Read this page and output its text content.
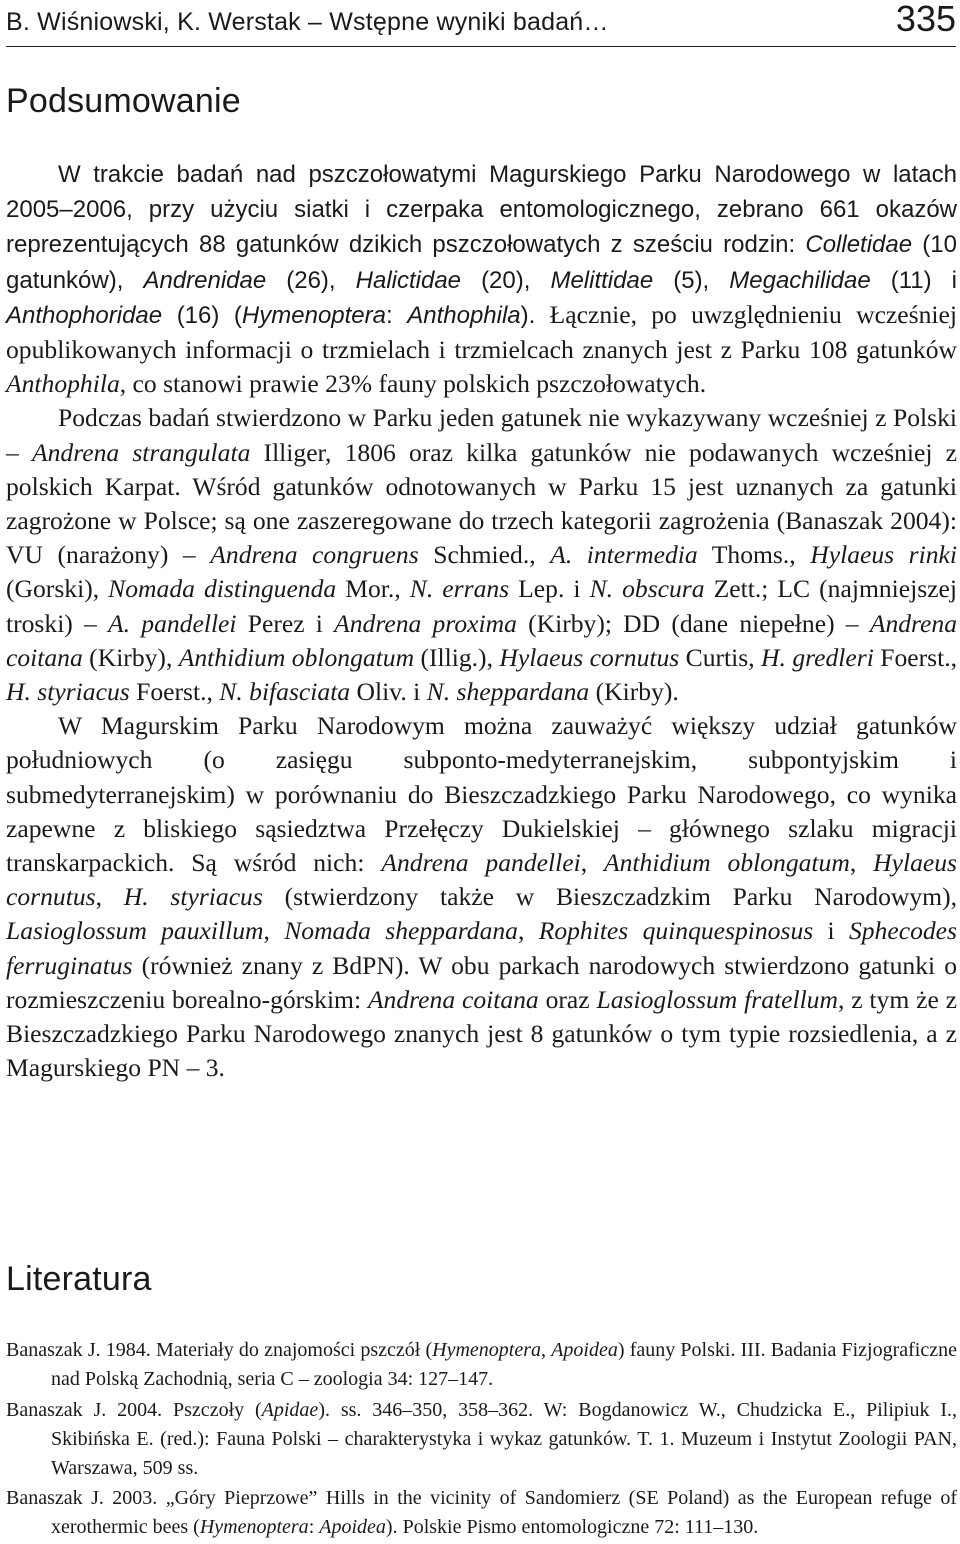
B. Wiśniowski, K. Werstak – Wstępne wyniki badań…	335
Podsumowanie

W trakcie badań nad pszczołowatymi Magurskiego Parku Narodowego w latach 2005–2006, przy użyciu siatki i czerpaka entomologicznego, zebrano 661 okazów reprezentujących 88 gatunków dzikich pszczołowatych z sześciu rodzin: Colletidae (10 gatunków), Andrenidae (26), Halictidae (20), Melittidae (5), Megachilidae (11) i Anthophoridae (16) (Hymenoptera: Anthophila). Łącznie, po uwzględnieniu wcześniej opublikowanych informacji o trzmielach i trzmielcach znanych jest z Parku 108 gatunków Anthophila, co stanowi prawie 23% fauny polskich pszczołowatych.

Podczas badań stwierdzono w Parku jeden gatunek nie wykazywany wcześniej z Polski – Andrena strangulata Illiger, 1806 oraz kilka gatunków nie podawanych wcześniej z polskich Karpat. Wśród gatunków odnotowanych w Parku 15 jest uznanych za gatunki zagrożone w Polsce; są one zaszeregowane do trzech kategorii zagrożenia (Banaszak 2004): VU (narażony) – Andrena congruens Schmied., A. intermedia Thoms., Hylaeus rinki (Gorski), Nomada distinguenda Mor., N. errans Lep. i N. obscura Zett.; LC (najmniejszej troski) – A. pandellei Perez i Andrena proxima (Kirby); DD (dane niepełne) – Andrena coitana (Kirby), Anthidium oblongatum (Illig.), Hylaeus cornutus Curtis, H. gredleri Foerst., H. styriacus Foerst., N. bifasciata Oliv. i N. sheppardana (Kirby).

W Magurskim Parku Narodowym można zauważyć większy udział gatunków południowych (o zasięgu subponto-medyterranejskim, subpontyjskim i submedyterranejskim) w porównaniu do Bieszczadzkiego Parku Narodowego, co wynika zapewne z bliskiego sąsiedztwa Przełęczy Dukielskiej – głównego szlaku migracji transkarpackich. Są wśród nich: Andrena pandellei, Anthidium oblongatum, Hylaeus cornutus, H. styriacus (stwierdzony także w Bieszczadzkim Parku Narodowym), Lasioglossum pauxillum, Nomada sheppardana, Rophites quinquespinosus i Sphecodes ferruginatus (również znany z BdPN). W obu parkach narodowych stwierdzono gatunki o rozmieszczeniu borealno-górskim: Andrena coitana oraz Lasioglossum fratellum, z tym że z Bieszczadzkiego Parku Narodowego znanych jest 8 gatunków o tym typie rozsiedlenia, a z Magurskiego PN – 3.

Literatura

Banaszak J. 1984. Materiały do znajomości pszczół (Hymenoptera, Apoidea) fauny Polski. III. Badania Fizjograficzne nad Polską Zachodnią, seria C – zoologia 34: 127–147.

Banaszak J. 2004. Pszczoły (Apidae). ss. 346–350, 358–362. W: Bogdanowicz W., Chudzicka E., Pilipiuk I., Skibińska E. (red.): Fauna Polski – charakterystyka i wykaz gatunków. T. 1. Muzeum i Instytut Zoologii PAN, Warszawa, 509 ss.

Banaszak J. 2003. „Góry Pieprzowe” Hills in the vicinity of Sandomierz (SE Poland) as the European refuge of xerothermic bees (Hymenoptera: Apoidea). Polskie Pismo entomologiczne 72: 111–130.
